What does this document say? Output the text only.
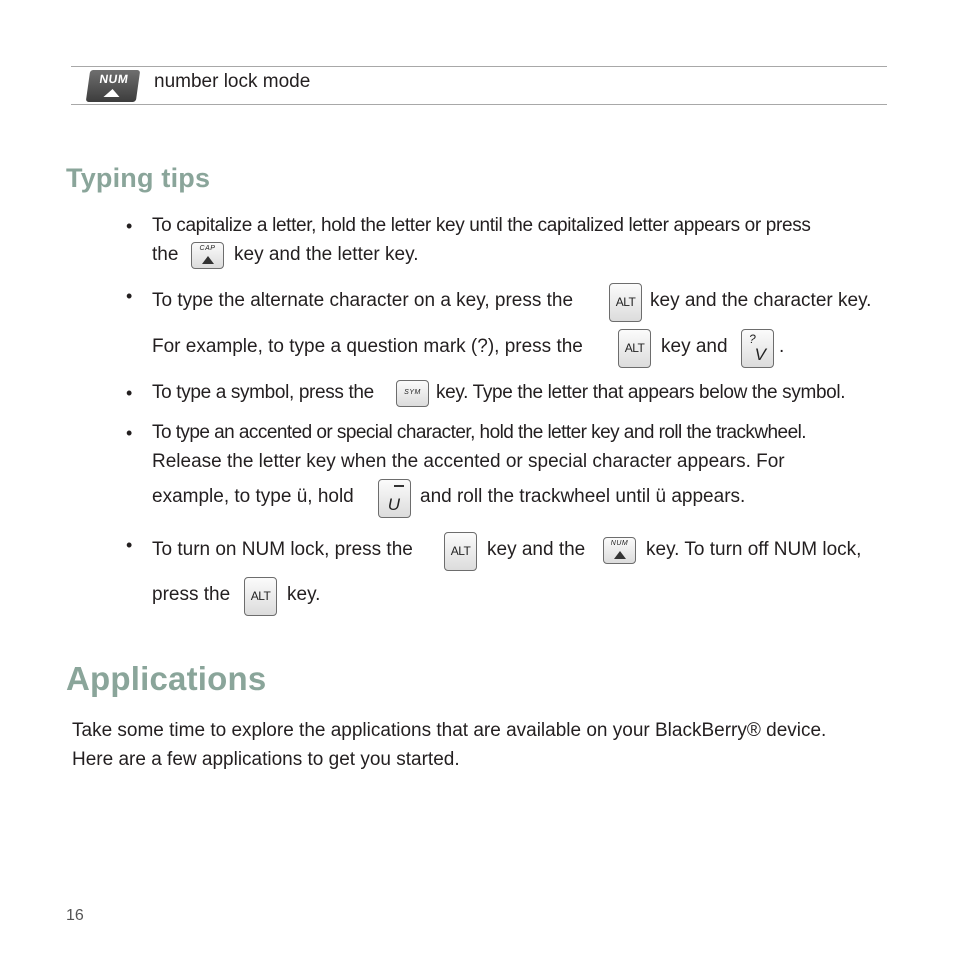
NUM	number lock mode
Typing tips
• To capitalize a letter, hold the letter key until the capitalized letter appears or press
the	CAP key and the letter key.
• To type the alternate character on a key, press the	ALT key and the character key.
For example, to type a question mark (?), press the	ALT key and ?
V .
• To type a symbol, press the	SYM key. Type the letter that appears below the symbol.
• To type an accented or special character, hold the letter key and roll the trackwheel.
Release the letter key when the accented or special character appears. For
example, to type ü, hold U and roll the trackwheel until ü appears.
• To turn on NUM lock, press the	ALT key and the	NUM key. To turn off NUM lock,
press the	ALT key.
Applications
Take some time to explore the applications that are available on your BlackBerry® device.
Here are a few applications to get you started.
16
